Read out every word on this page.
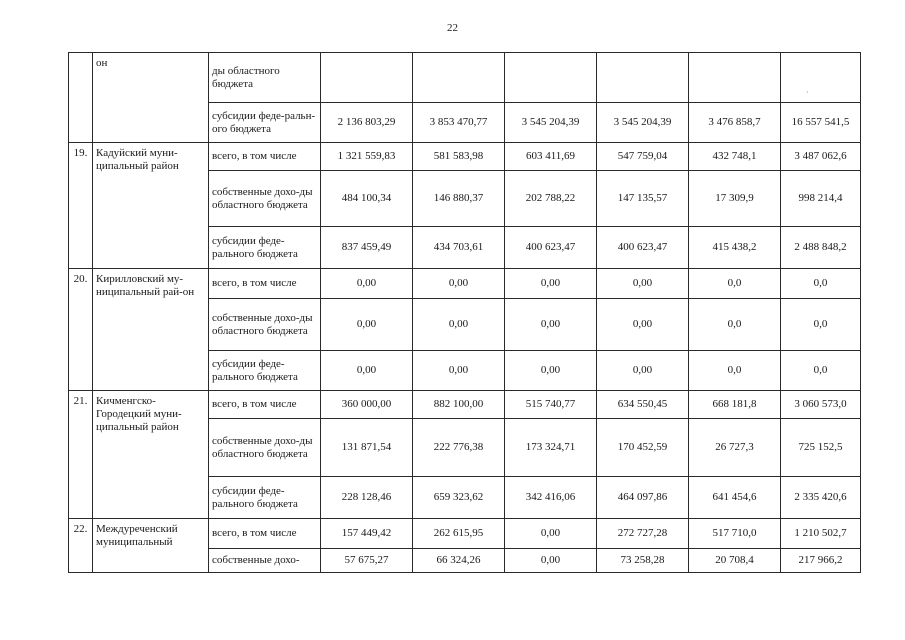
22
·
	он	ды областного бюджета						
		субсидии феде-рального бюджета	2 136 803,29	3 853 470,77	3 545 204,39	3 545 204,39	3 476 858,7	16 557 541,5
19.	Кадуйский муни-ципальный район	всего, в том числе	1 321 559,83	581 583,98	603 411,69	547 759,04	432 748,1	3 487 062,6
		собственные дохо-ды областного бюджета	484 100,34	146 880,37	202 788,22	147 135,57	17 309,9	998 214,4
		субсидии феде-рального бюджета	837 459,49	434 703,61	400 623,47	400 623,47	415 438,2	2 488 848,2
20.	Кирилловский му-ниципальный рай-он	всего, в том числе	0,00	0,00	0,00	0,00	0,0	0,0
		собственные дохо-ды областного бюджета	0,00	0,00	0,00	0,00	0,0	0,0
		субсидии феде-рального бюджета	0,00	0,00	0,00	0,00	0,0	0,0
21.	Кичменгско-Городецкий муни-ципальный район	всего, в том числе	360 000,00	882 100,00	515 740,77	634 550,45	668 181,8	3 060 573,0
		собственные дохо-ды областного бюджета	131 871,54	222 776,38	173 324,71	170 452,59	26 727,3	725 152,5
		субсидии феде-рального бюджета	228 128,46	659 323,62	342 416,06	464 097,86	641 454,6	2 335 420,6
22.	Междуреченский муниципальный	всего, в том числе	157 449,42	262 615,95	0,00	272 727,28	517 710,0	1 210 502,7
		собственные дохо-	57 675,27	66 324,26	0,00	73 258,28	20 708,4	217 966,2
